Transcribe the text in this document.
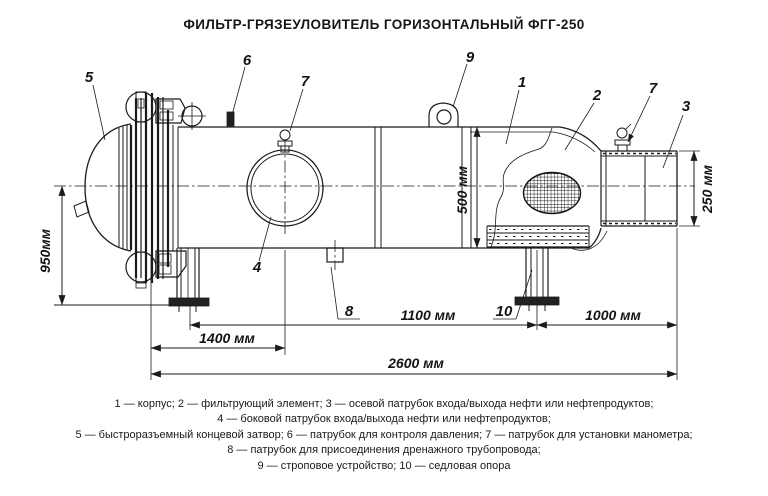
ФИЛЬТР-ГРЯЗЕУЛОВИТЕЛЬ ГОРИЗОНТАЛЬНЫЙ ФГГ-250
950мм
500 мм	250 мм
1100 мм	1000 мм
1400 мм
2600 мм
5
6
7
9
1
2	7
3
4
8	10
1 — корпус; 2 — фильтрующий элемент; 3 — осевой патрубок входа/выхода нефти или нефтепродуктов;
4 — боковой патрубок входа/выхода нефти или нефтепродуктов;
5 — быстроразъемный концевой затвор; 6 — патрубок для контроля давления; 7 — патрубок для установки манометра;
8 — патрубок для присоединения дренажного трубопровода;
9 — строповое устройство; 10 — седловая опора
